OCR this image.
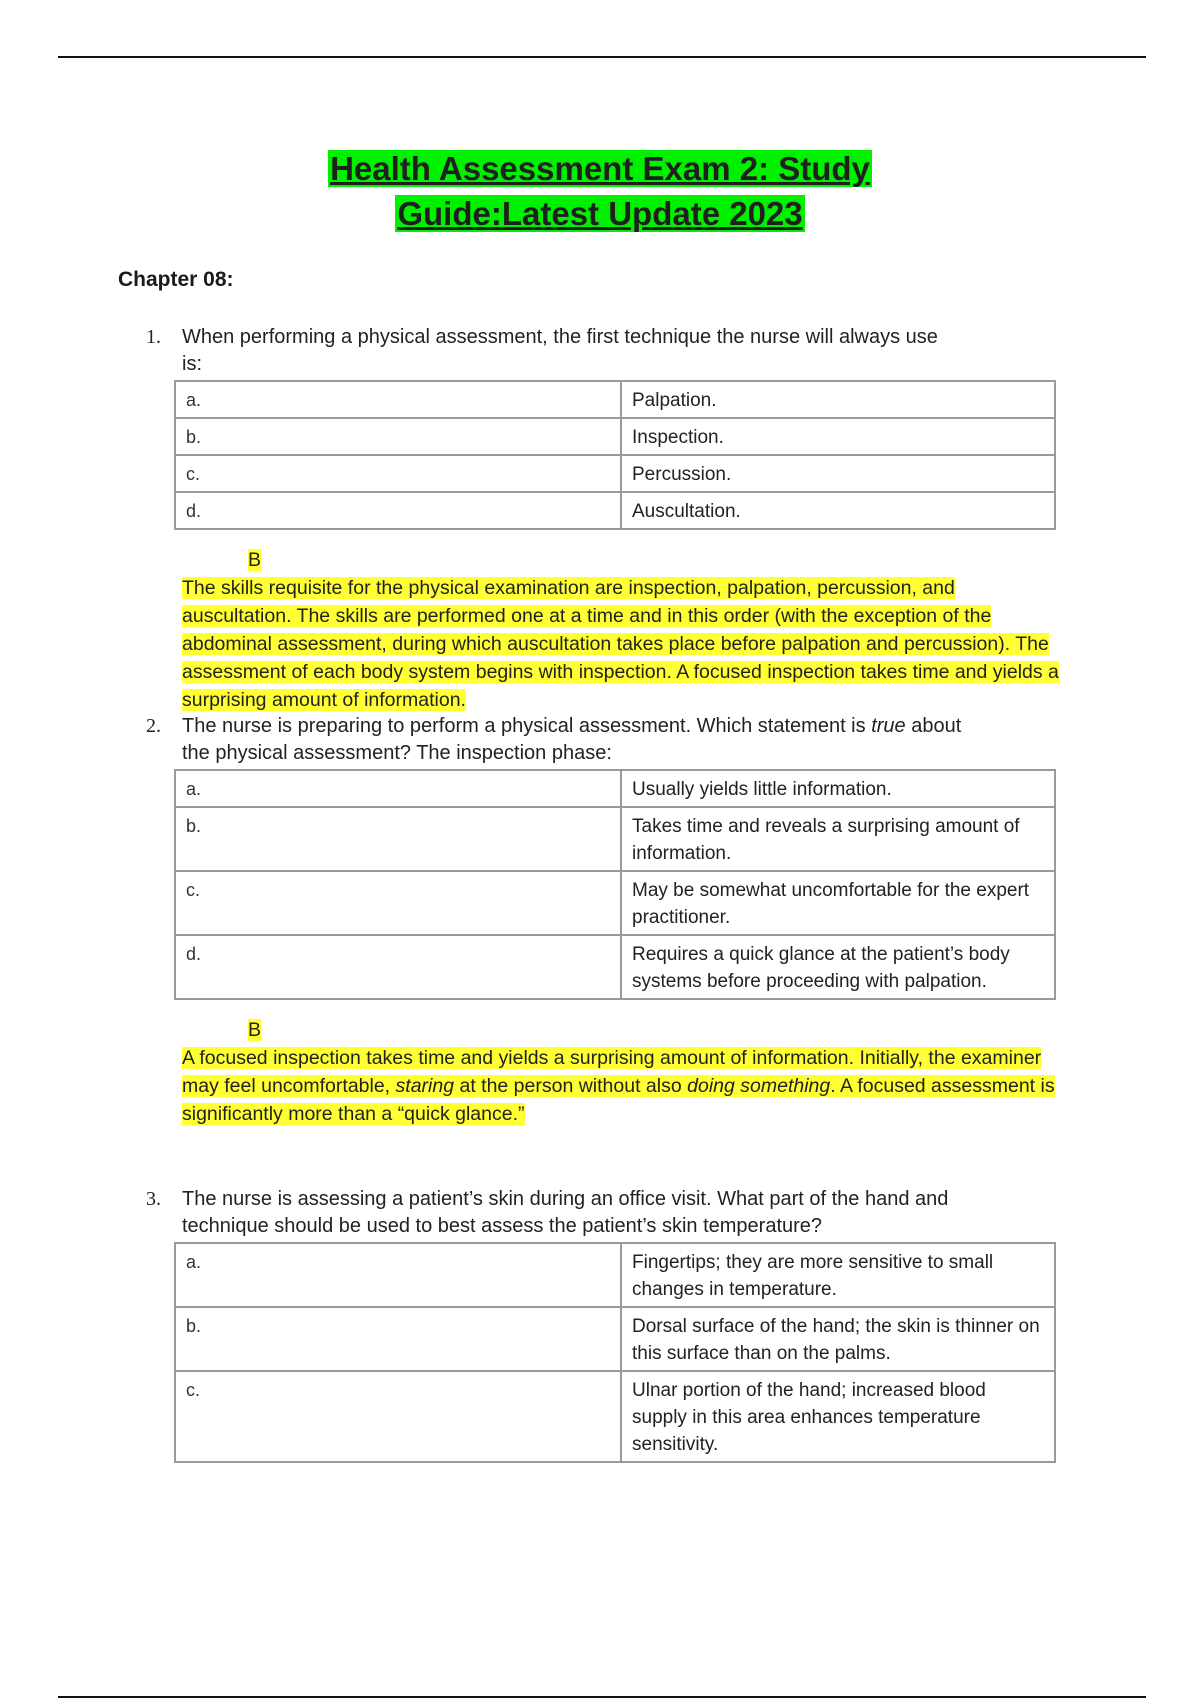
Health Assessment Exam 2: Study
Guide:Latest Update 2023
Chapter 08:
1. When performing a physical assessment, the first technique the nurse will always use is:
a.	Palpation.
b.	Inspection.
c.	Percussion.
d.	Auscultation.
B
The skills requisite for the physical examination are inspection, palpation, percussion, and auscultation. The skills are performed one at a time and in this order (with the exception of the abdominal assessment, during which auscultation takes place before palpation and percussion). The assessment of each body system begins with inspection. A focused inspection takes time and yields a surprising amount of information.
2. The nurse is preparing to perform a physical assessment. Which statement is true about the physical assessment? The inspection phase:
a.	Usually yields little information.
b.	Takes time and reveals a surprising amount of information.
c.	May be somewhat uncomfortable for the expert practitioner.
d.	Requires a quick glance at the patient’s body systems before proceeding with palpation.
B
A focused inspection takes time and yields a surprising amount of information. Initially, the examiner may feel uncomfortable, staring at the person without also doing something. A focused assessment is significantly more than a “quick glance.”
3. The nurse is assessing a patient’s skin during an office visit. What part of the hand and technique should be used to best assess the patient’s skin temperature?
a.	Fingertips; they are more sensitive to small changes in temperature.
b.	Dorsal surface of the hand; the skin is thinner on this surface than on the palms.
c.	Ulnar portion of the hand; increased blood supply in this area enhances temperature sensitivity.
